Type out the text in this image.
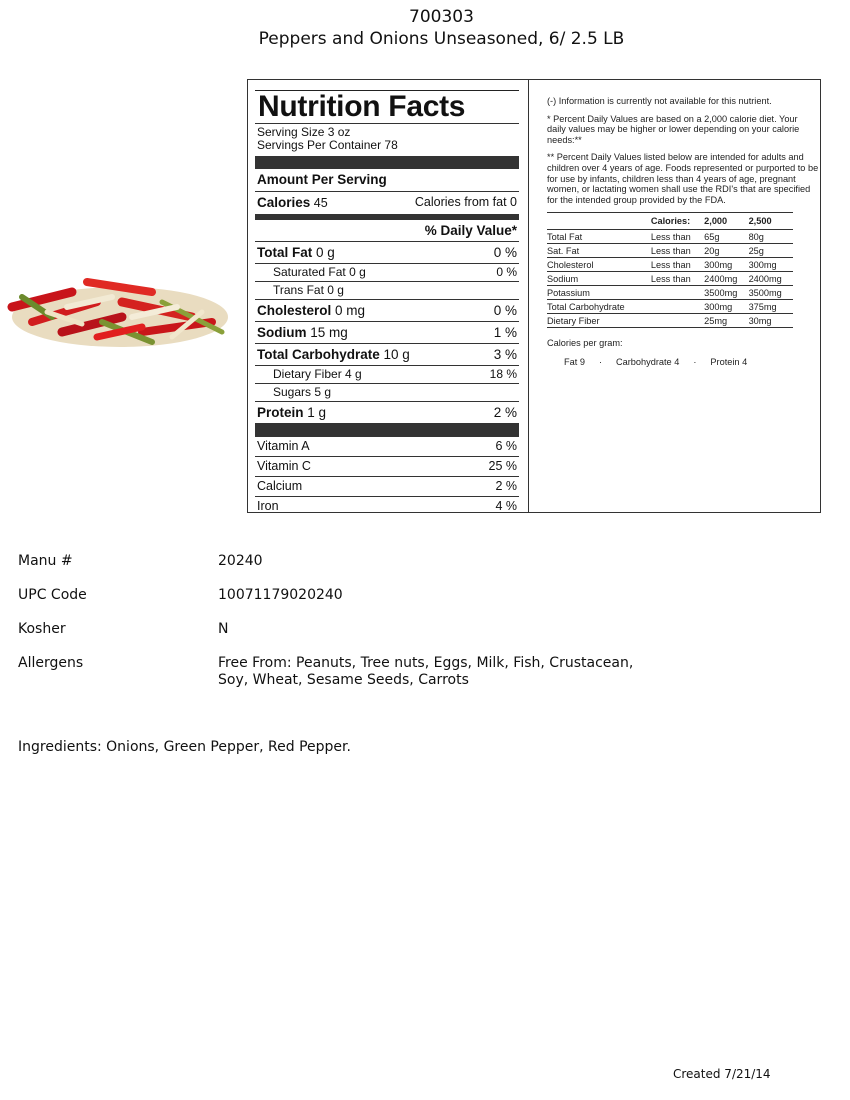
700303
Peppers and Onions Unseasoned, 6/ 2.5 LB
Nutrition Facts
Serving Size 3 oz
Servings Per Container 78
Amount Per Serving
Calories 45	Calories from fat 0
% Daily Value*
Total Fat 0 g	0 %
Saturated Fat 0 g	0 %
Trans Fat 0 g
Cholesterol 0 mg	0 %
Sodium 15 mg	1 %
Total Carbohydrate 10 g	3 %
Dietary Fiber 4 g	18 %
Sugars 5 g
Protein 1 g	2 %
Vitamin A	6 %
Vitamin C	25 %
Calcium	2 %
Iron	4 %

(-) Information is currently not available for this nutrient.

* Percent Daily Values are based on a 2,000 calorie diet. Your daily values may be higher or lower depending on your calorie needs:**

** Percent Daily Values listed below are intended for adults and children over 4 years of age. Foods represented or purported to be for use by infants, children less than 4 years of age, pregnant women, or lactating women shall use the RDI's that are specified for the intended group provided by the FDA.

	Calories:	2,000	2,500
Total Fat	Less than	65g	80g
Sat. Fat	Less than	20g	25g
Cholesterol	Less than	300mg	300mg
Sodium	Less than	2400mg	2400mg
Potassium		3500mg	3500mg
Total Carbohydrate		300mg	375mg
Dietary Fiber		25mg	30mg
Calories per gram:
Fat 9 · Carbohydrate 4 · Protein 4
Manu #	20240
UPC Code	10071179020240
Kosher	N
Allergens	Free From: Peanuts, Tree nuts, Eggs, Milk, Fish, Crustacean, Soy, Wheat, Sesame Seeds, Carrots
Ingredients: Onions, Green Pepper, Red Pepper.
Created 7/21/14
